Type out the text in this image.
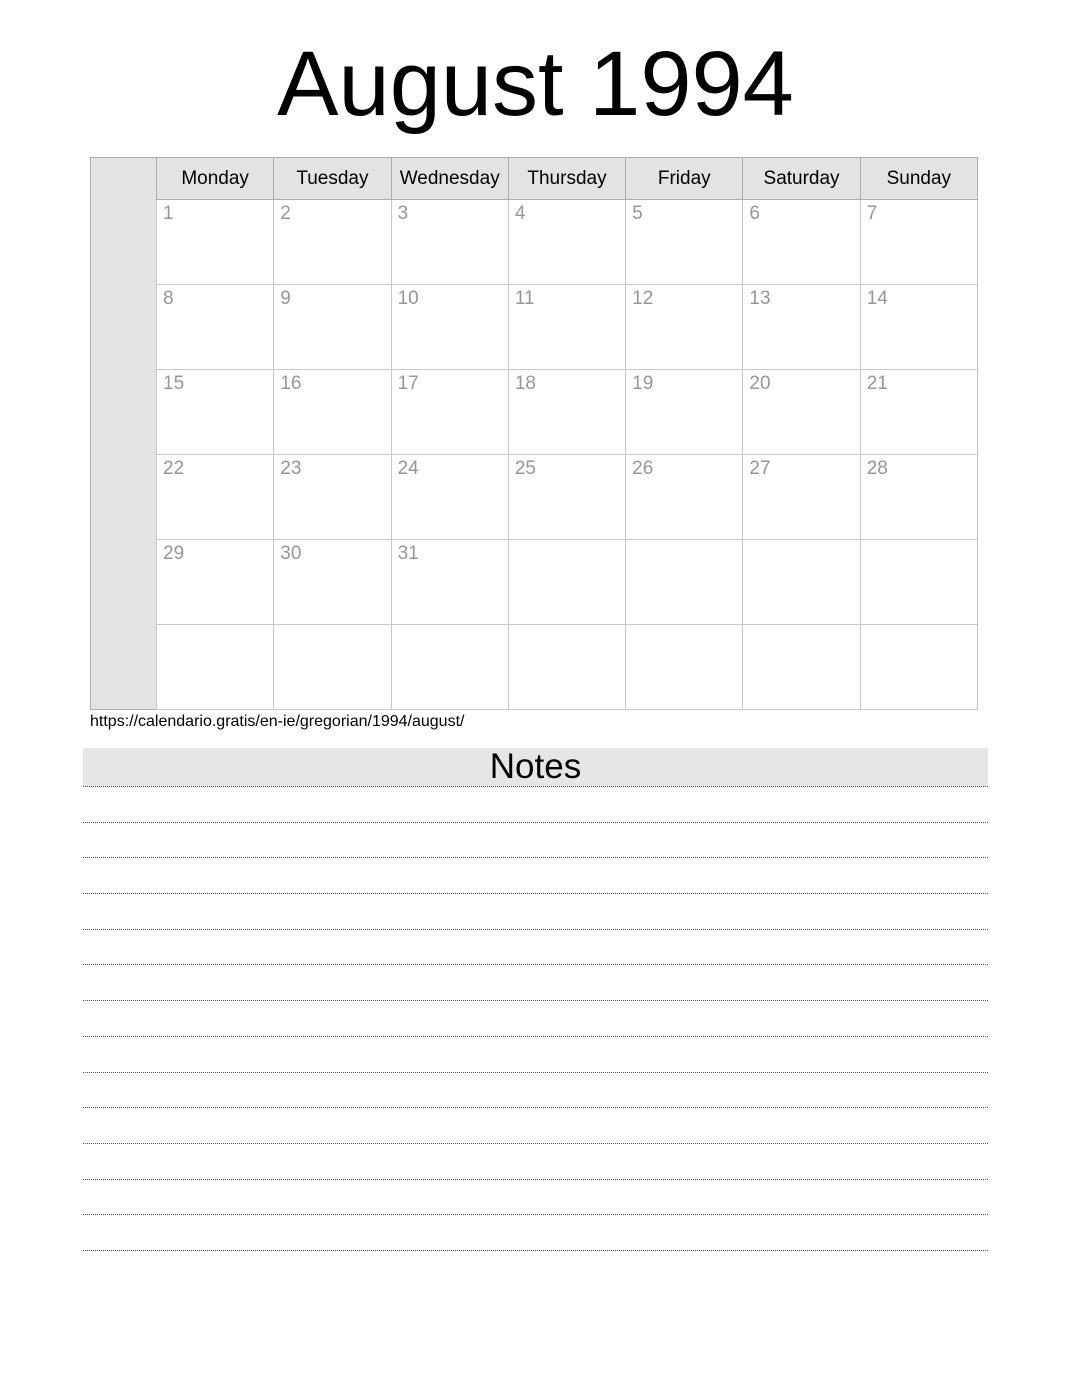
August 1994
Monday	Tuesday	Wednesday	Thursday	Friday	Saturday	Sunday
1	2	3	4	5	6	7
8	9	10	11	12	13	14
15	16	17	18	19	20	21
22	23	24	25	26	27	28
29	30	31				

https://calendario.gratis/en-ie/gregorian/1994/august/
Notes
